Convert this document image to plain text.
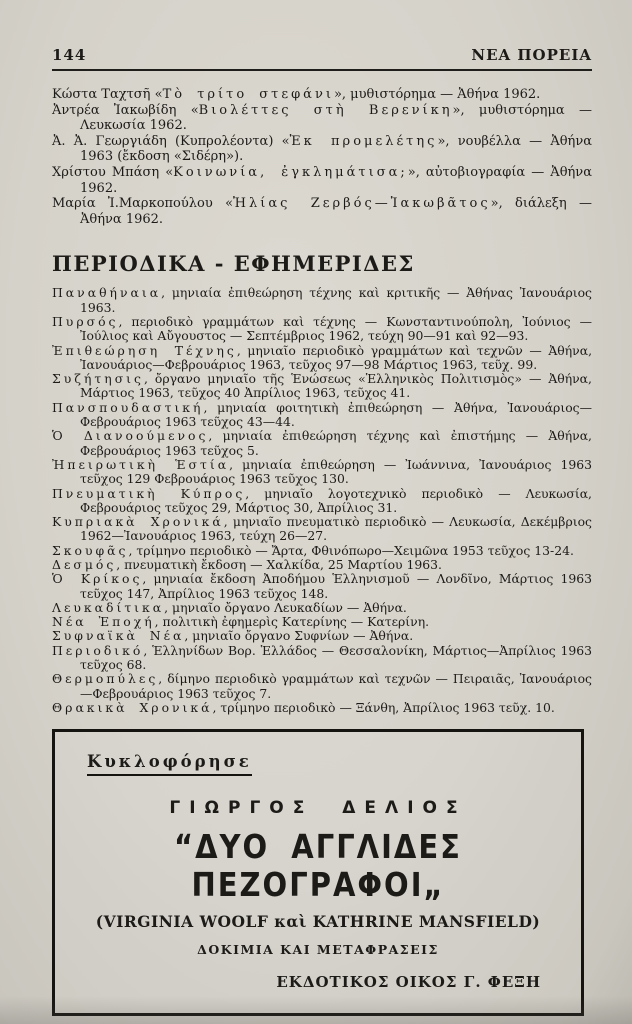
144	ΝΕΑ ΠΟΡΕΙΑ
Κώστα Ταχτσῆ «Τὸ τρίτο στεφάνι», μυθιστόρημα — Ἀθήνα 1962.
Ἀντρέα Ἰακωβίδη «Βιολέττες στὴ Βερενίκη», μυθιστόρημα — Λευκωσία 1962.
Ἀ. Ἀ. Γεωργιάδη (Κυπρολέοντα) «Ἐκ προμελέτης», νουβέλλα — Ἀθήνα 1963 (ἔκδοση «Σιδέρη»).
Χρίστου Μπάση «Κοινωνία, ἐγκλημάτισα;», αὐτοβιογραφία — Ἀθήνα 1962.
Μαρία Ἰ.Μαρκοπούλου «Ἠλίας Ζερβός—Ἰακωβᾶτος», διάλεξη — Ἀθήνα 1962.
ΠΕΡΙΟΔΙΚΑ - ΕΦΗΜΕΡΙΔΕΣ
Παναθήναια, μηνιαία ἐπιθεώρηση τέχνης καὶ κριτικῆς — Ἀθήνας Ἰανουάριος 1963.
Πυρσός, περιοδικὸ γραμμάτων καὶ τέχνης — Κωνσταντινούπολη, Ἰούνιος — Ἰούλιος καὶ Αὔγουστος — Σεπτέμβριος 1962, τεύχη 90—91 καὶ 92—93.
Ἐπιθεώρηση Τέχνης, μηνιαῖο περιοδικὸ γραμμάτων καὶ τεχνῶν — Ἀθήνα, Ἰανουάριος—Φεβρουάριος 1963, τεῦχος 97—98 Μάρτιος 1963, τεῦχ. 99.
Συζήτησις, ὄργανο μηνιαῖο τῆς Ἑνώσεως «Ἑλληνικὸς Πολιτισμὸς» — Ἀθήνα, Μάρτιος 1963, τεῦχος 40 Ἀπρίλιος 1963, τεῦχος 41.
Πανσπουδαστική, μηνιαία φοιτητικὴ ἐπιθεώρηση — Ἀθήνα, Ἰανουάριος—Φεβρουάριος 1963 τεῦχος 43—44.
Ὁ Διανοούμενος, μηνιαία ἐπιθεώρηση τέχνης καὶ ἐπιστήμης — Ἀθήνα, Φεβρουάριος 1963 τεῦχος 5.
Ἠπειρωτικὴ Ἑστία, μηνιαία ἐπιθεώρηση — Ἰωάννινα, Ἰανουάριος 1963 τεῦχος 129 Φεβρουάριος 1963 τεῦχος 130.
Πνευματικὴ Κύπρος, μηνιαῖο λογοτεχνικὸ περιοδικὸ — Λευκωσία, Φεβρουάριος τεῦχος 29, Μάρτιος 30, Ἀπρίλιος 31.
Κυπριακὰ Χρονικά, μηνιαῖο πνευματικὸ περιοδικὸ — Λευκωσία, Δεκέμβριος 1962—Ἰανουάριος 1963, τεύχη 26—27.
Σκουφᾶς, τρίμηνο περιοδικὸ — Ἄρτα, Φθινόπωρο—Χειμῶνα 1953 τεῦχος 13-24.
Δεσμός, πνευματικὴ ἔκδοση — Χαλκίδα, 25 Μαρτίου 1963.
Ὁ Κρίκος, μηνιαία ἔκδοση Ἀποδήμου Ἑλληνισμοῦ — Λονδῖνο, Μάρτιος 1963 τεῦχος 147, Ἀπρίλιος 1963 τεῦχος 148.
Λευκαδίτικα, μηνιαῖο ὄργανο Λευκαδίων — Ἀθήνα.
Νέα Ἐποχή, πολιτικὴ ἐφημερὶς Κατερίνης — Κατερίνη.
Συφναϊκὰ Νέα, μηνιαῖο ὄργανο Συφνίων — Ἀθήνα.
Περιοδικό, Ἑλληνίδων Βορ. Ἑλλάδος — Θεσσαλονίκη, Μάρτιος—Ἀπρίλιος 1963 τεῦχος 68.
Θερμοπύλες, δίμηνο περιοδικὸ γραμμάτων καὶ τεχνῶν — Πειραιᾶς, Ἰανουάριος—Φεβρουάριος 1963 τεῦχος 7.
Θρακικὰ Χρονικά, τρίμηνο περιοδικὸ — Ξάνθη, Ἀπρίλιος 1963 τεῦχ. 10.
Κυκλοφόρησε
ΓΙΩΡΓΟΣ ΔΕΛΙΟΣ
“ΔΥΟ ΑΓΓΛΙΔΕΣ ΠΕΖΟΓΡΑΦΟΙ„
(VIRGINIA WOOLF καὶ KATHRINE MANSFIELD)
ΔΟΚΙΜΙΑ ΚΑΙ ΜΕΤΑΦΡΑΣΕΙΣ
ΕΚΔΟΤΙΚΟΣ ΟΙΚΟΣ Γ. ΦΕΞΗ
